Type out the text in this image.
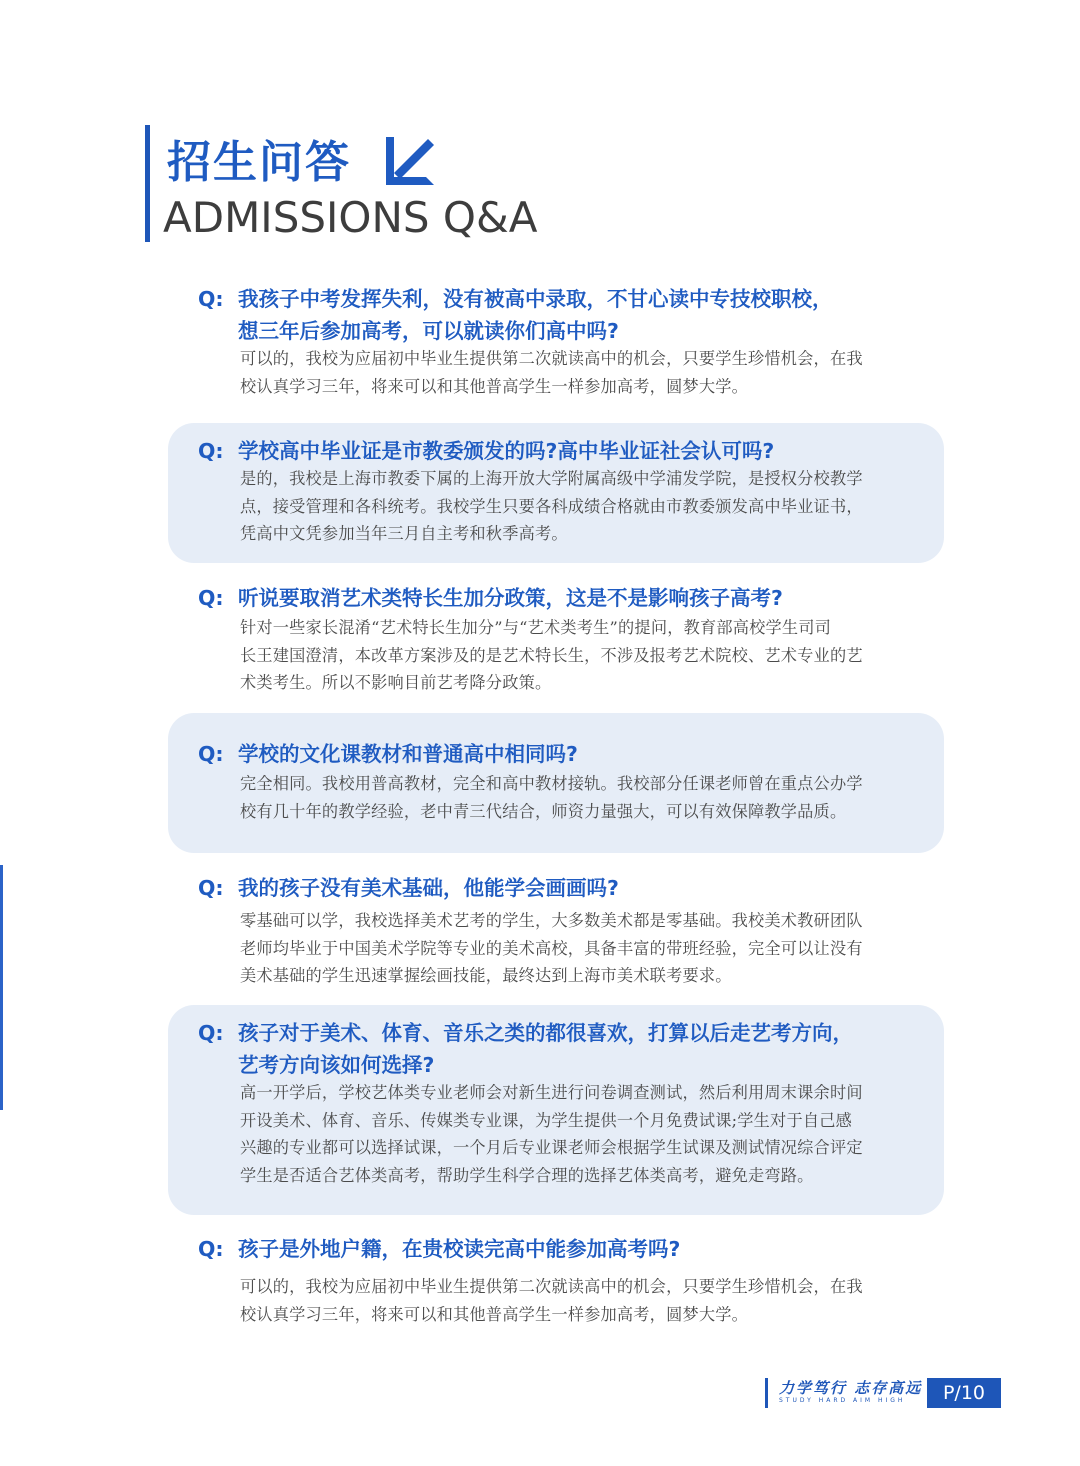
招生问答
ADMISSIONS Q&A
Q: 我孩子中考发挥失利，没有被高中录取，不甘心读中专技校职校，
想三年后参加高考，可以就读你们高中吗?
可以的，我校为应届初中毕业生提供第二次就读高中的机会，只要学生珍惜机会，在我
校认真学习三年，将来可以和其他普高学生一样参加高考，圆梦大学。
Q: 学校高中毕业证是市教委颁发的吗?高中毕业证社会认可吗?
是的，我校是上海市教委下属的上海开放大学附属高级中学浦发学院，是授权分校教学
点，接受管理和各科统考。我校学生只要各科成绩合格就由市教委颁发高中毕业证书，
凭高中文凭参加当年三月自主考和秋季高考。
Q: 听说要取消艺术类特长生加分政策，这是不是影响孩子高考?
针对一些家长混淆“艺术特长生加分”与“艺术类考生”的提问，教育部高校学生司司
长王建国澄清，本改革方案涉及的是艺术特长生，不涉及报考艺术院校、艺术专业的艺
术类考生。所以不影响目前艺考降分政策。
Q: 学校的文化课教材和普通高中相同吗?
完全相同。我校用普高教材，完全和高中教材接轨。我校部分任课老师曾在重点公办学
校有几十年的教学经验，老中青三代结合，师资力量强大，可以有效保障教学品质。
Q: 我的孩子没有美术基础，他能学会画画吗?
零基础可以学，我校选择美术艺考的学生，大多数美术都是零基础。我校美术教研团队
老师均毕业于中国美术学院等专业的美术高校，具备丰富的带班经验，完全可以让没有
美术基础的学生迅速掌握绘画技能，最终达到上海市美术联考要求。
Q: 孩子对于美术、体育、音乐之类的都很喜欢，打算以后走艺考方向，
艺考方向该如何选择?
高一开学后，学校艺体类专业老师会对新生进行问卷调查测试，然后利用周末课余时间
开设美术、体育、音乐、传媒类专业课，为学生提供一个月免费试课;学生对于自己感
兴趣的专业都可以选择试课，一个月后专业课老师会根据学生试课及测试情况综合评定
学生是否适合艺体类高考，帮助学生科学合理的选择艺体类高考，避免走弯路。
Q: 孩子是外地户籍，在贵校读完高中能参加高考吗?
可以的，我校为应届初中毕业生提供第二次就读高中的机会，只要学生珍惜机会，在我
校认真学习三年，将来可以和其他普高学生一样参加高考，圆梦大学。
力学笃行 志存高远
STUDY HARD AIM HIGH	P/10
